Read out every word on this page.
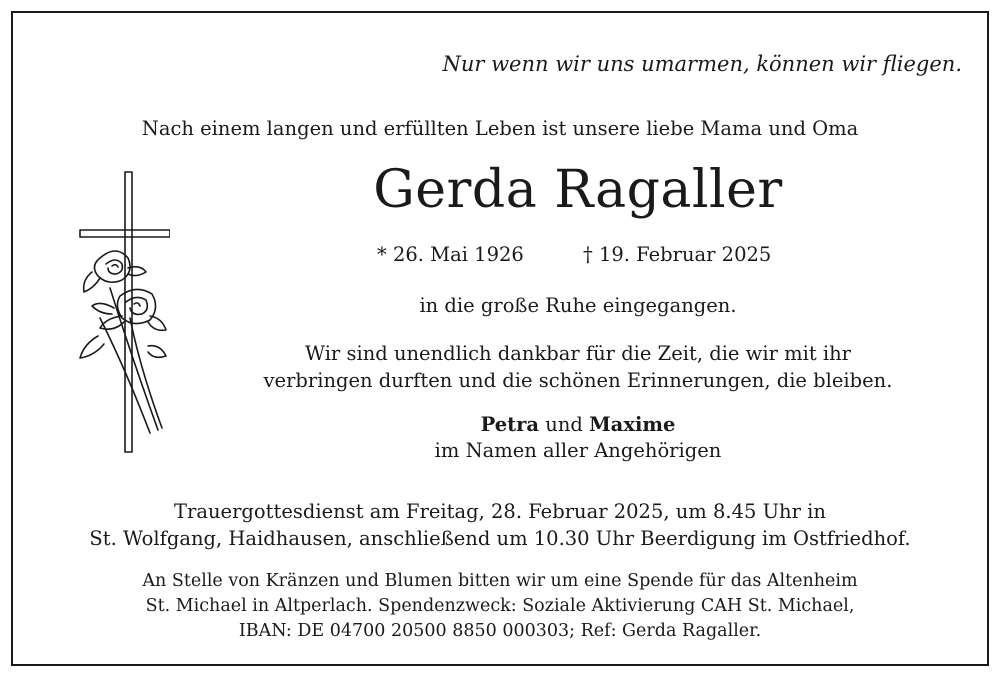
Nur wenn wir uns umarmen, können wir fliegen.
Nach einem langen und erfüllten Leben ist unsere liebe Mama und Oma
Gerda Ragaller
* 26. Mai 1926	† 19. Februar 2025
in die große Ruhe eingegangen.
Wir sind unendlich dankbar für die Zeit, die wir mit ihr
verbringen durften und die schönen Erinnerungen, die bleiben.
Petra und Maxime
im Namen aller Angehörigen
Trauergottesdienst am Freitag, 28. Februar 2025, um 8.45 Uhr in
St. Wolfgang, Haidhausen, anschließend um 10.30 Uhr Beerdigung im Ostfriedhof.
An Stelle von Kränzen und Blumen bitten wir um eine Spende für das Altenheim
St. Michael in Altperlach. Spendenzweck: Soziale Aktivierung CAH St. Michael,
IBAN: DE 04700 20500 8850 000303; Ref: Gerda Ragaller.
